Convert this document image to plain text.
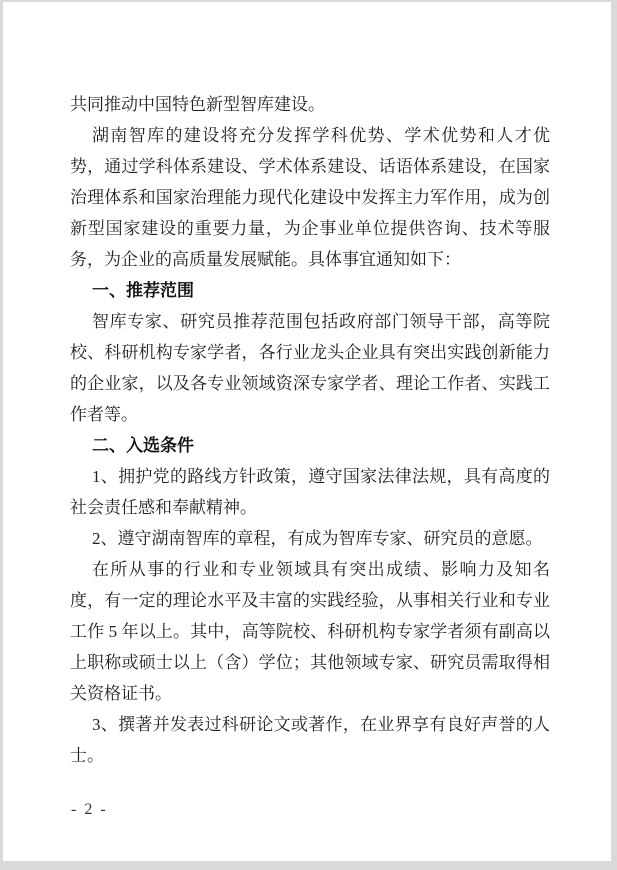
共同推动中国特色新型智库建设。

湖南智库的建设将充分发挥学科优势、学术优势和人才优势，通过学科体系建设、学术体系建设、话语体系建设，在国家治理体系和国家治理能力现代化建设中发挥主力军作用，成为创新型国家建设的重要力量，为企事业单位提供咨询、技术等服务，为企业的高质量发展赋能。具体事宜通知如下：

一、推荐范围

智库专家、研究员推荐范围包括政府部门领导干部，高等院校、科研机构专家学者，各行业龙头企业具有突出实践创新能力的企业家，以及各专业领域资深专家学者、理论工作者、实践工作者等。

二、入选条件

1、拥护党的路线方针政策，遵守国家法律法规，具有高度的社会责任感和奉献精神。

2、遵守湖南智库的章程，有成为智库专家、研究员的意愿。

在所从事的行业和专业领域具有突出成绩、影响力及知名度，有一定的理论水平及丰富的实践经验，从事相关行业和专业工作 5 年以上。其中，高等院校、科研机构专家学者须有副高以上职称或硕士以上（含）学位；其他领域专家、研究员需取得相关资格证书。

3、撰著并发表过科研论文或著作，在业界享有良好声誉的人士。

- 2 -
